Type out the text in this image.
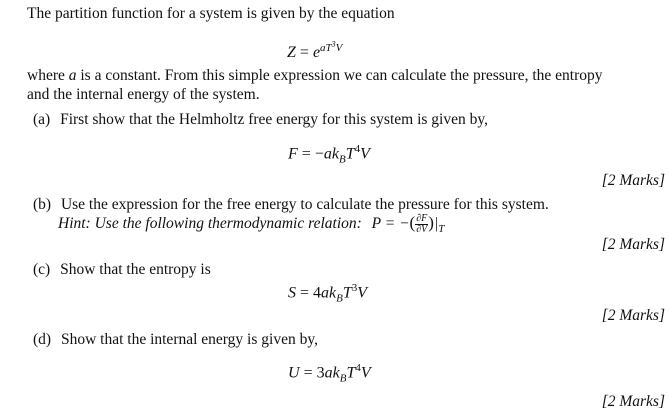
The partition function for a system is given by the equation
$Z = e^{aT^3V}$
where a is a constant. From this simple expression we can calculate the pressure, the entropy
and the internal energy of the system.
(a) First show that the Helmholtz free energy for this system is given by,
$F = -ak_BT^4V$
[2 Marks]
(b) Use the expression for the free energy to calculate the pressure for this system.
Hint: Use the following thermodynamic relation: P = −( $\frac{\partial F}{\partial V} )|_T$
[2 Marks]
(c) Show that the entropy is
$S = 4ak_BT^3V$
[2 Marks]
(d) Show that the internal energy is given by,
$U = 3ak_BT^4V$
[2 Marks]
